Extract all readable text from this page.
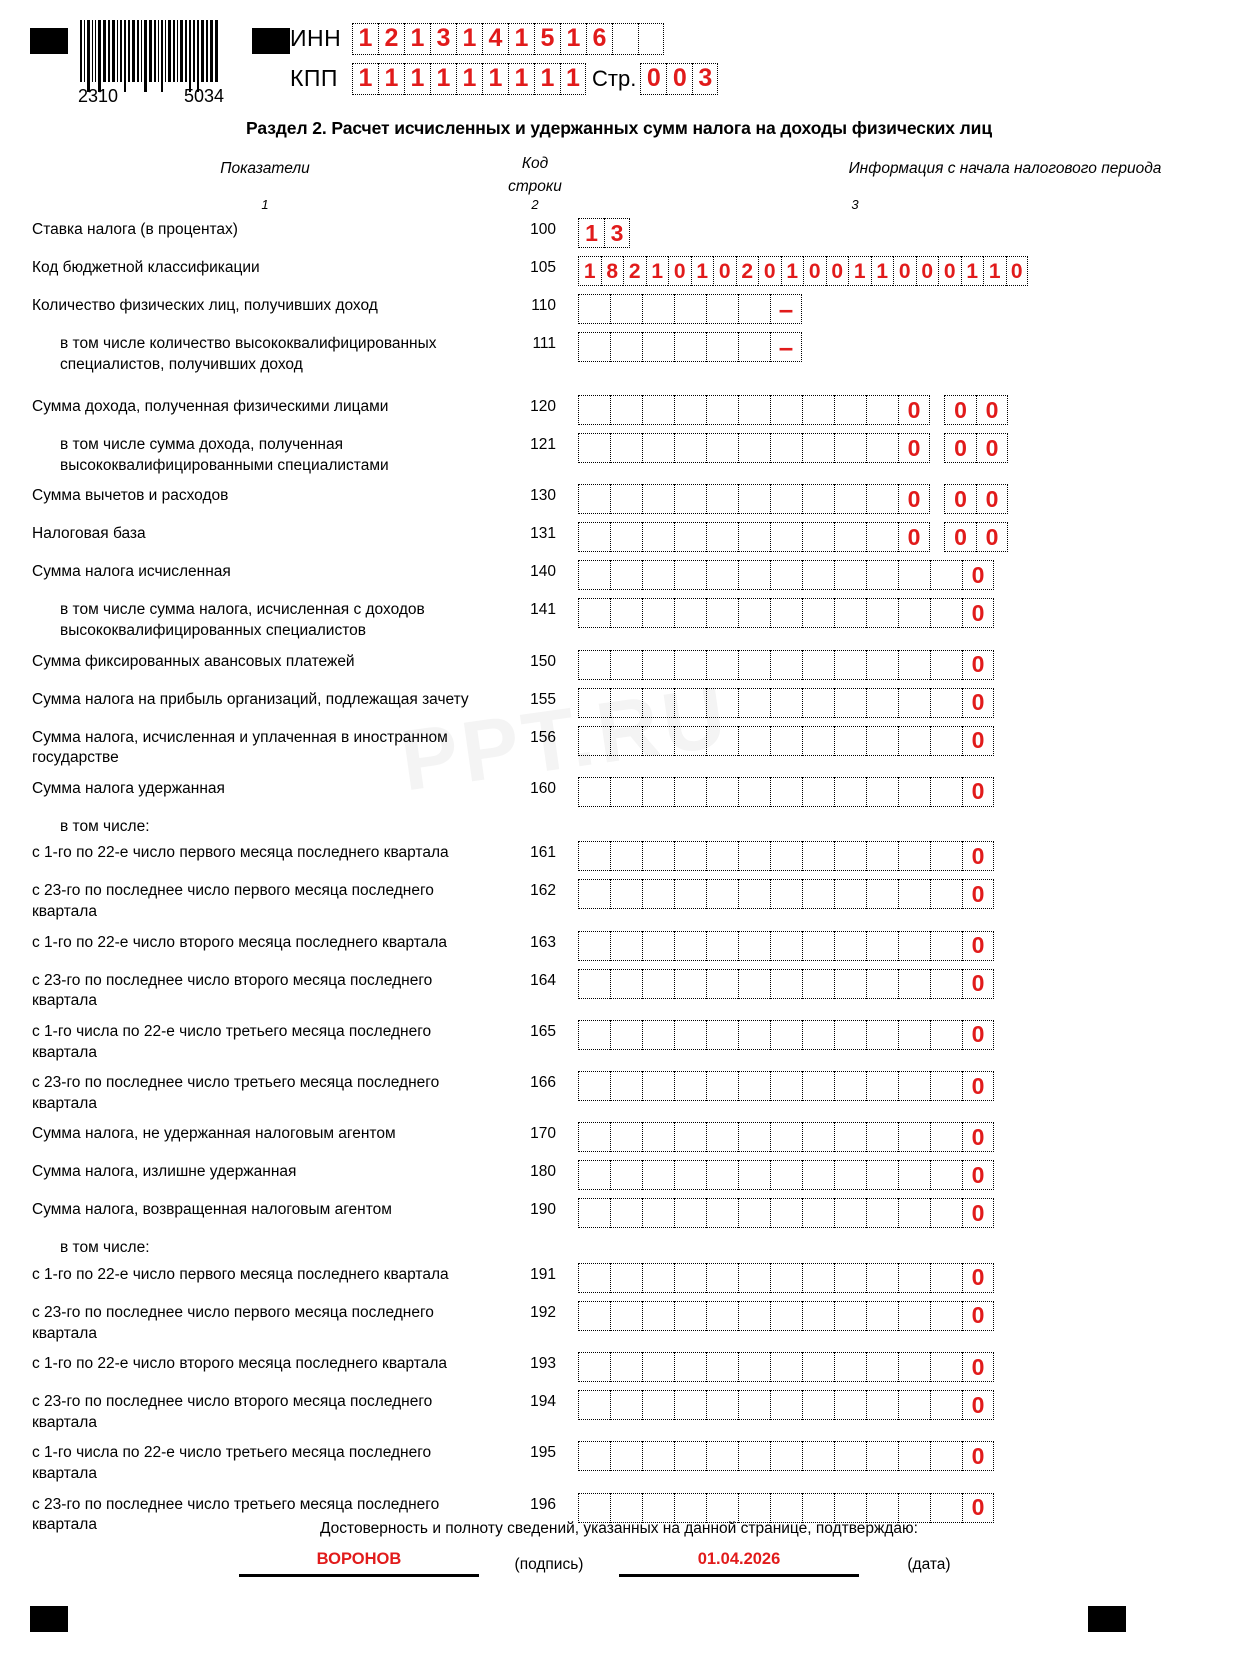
2310	5034
ИНН 1 2 1 3 1 4 1 5 1 6
КПП 1 1 1 1 1 1 1 1 1 Стр. 0 0 3
Раздел 2. Расчет исчисленных и удержанных сумм налога на доходы физических лиц
Показатели	Код
строки
Информация с начала налогового периода
1	2	3
Ставка налога (в процентах)	100	1 3
Код бюджетной классификации	105	1 8 2 1 0 1 0 2 0 1 0 0 1 1 0 0 0 1 1 0
Количество физических лиц, получивших доход	110	–
в том числе количество высококвалифицированных специалистов, получивших доход
111	–
Сумма дохода, полученная физическими лицами	120	0	0 0
в том числе сумма дохода, полученная высококвалифицированными специалистами
121	0	0 0
Сумма вычетов и расходов	130	0	0 0
Налоговая база	131	0	0 0
Сумма налога исчисленная	140	0
в том числе сумма налога, исчисленная с доходов высококвалифицированных специалистов
141	0
Сумма фиксированных авансовых платежей	150	0
Сумма налога на прибыль организаций, подлежащая зачету	155	0
Сумма налога, исчисленная и уплаченная в иностранном государстве
156	0
Сумма налога удержанная	160	0
в том числе:
с 1-го по 22-е число первого месяца последнего квартала	161	0
с 23-го по последнее число первого месяца последнего квартала
162	0
с 1-го по 22-е число второго месяца последнего квартала	163	0
с 23-го по последнее число второго месяца последнего квартала
164	0
с 1-го числа по 22-е число третьего месяца последнего квартала
165	0
с 23-го по последнее число третьего месяца последнего квартала
166	0
Сумма налога, не удержанная налоговым агентом	170	0
Сумма налога, излишне удержанная	180	0
Сумма налога, возвращенная налоговым агентом	190	0
в том числе:
с 1-го по 22-е число первого месяца последнего квартала	191	0
с 23-го по последнее число первого месяца последнего квартала
192	0
с 1-го по 22-е число второго месяца последнего квартала	193	0
с 23-го по последнее число второго месяца последнего квартала
194	0
с 1-го числа по 22-е число третьего месяца последнего квартала
195	0
с 23-го по последнее число третьего месяца последнего квартала
196	0
Достоверность и полноту сведений, указанных на данной странице, подтверждаю:
ВОРОНОВ	(подпись)	01.04.2026	(дата)
